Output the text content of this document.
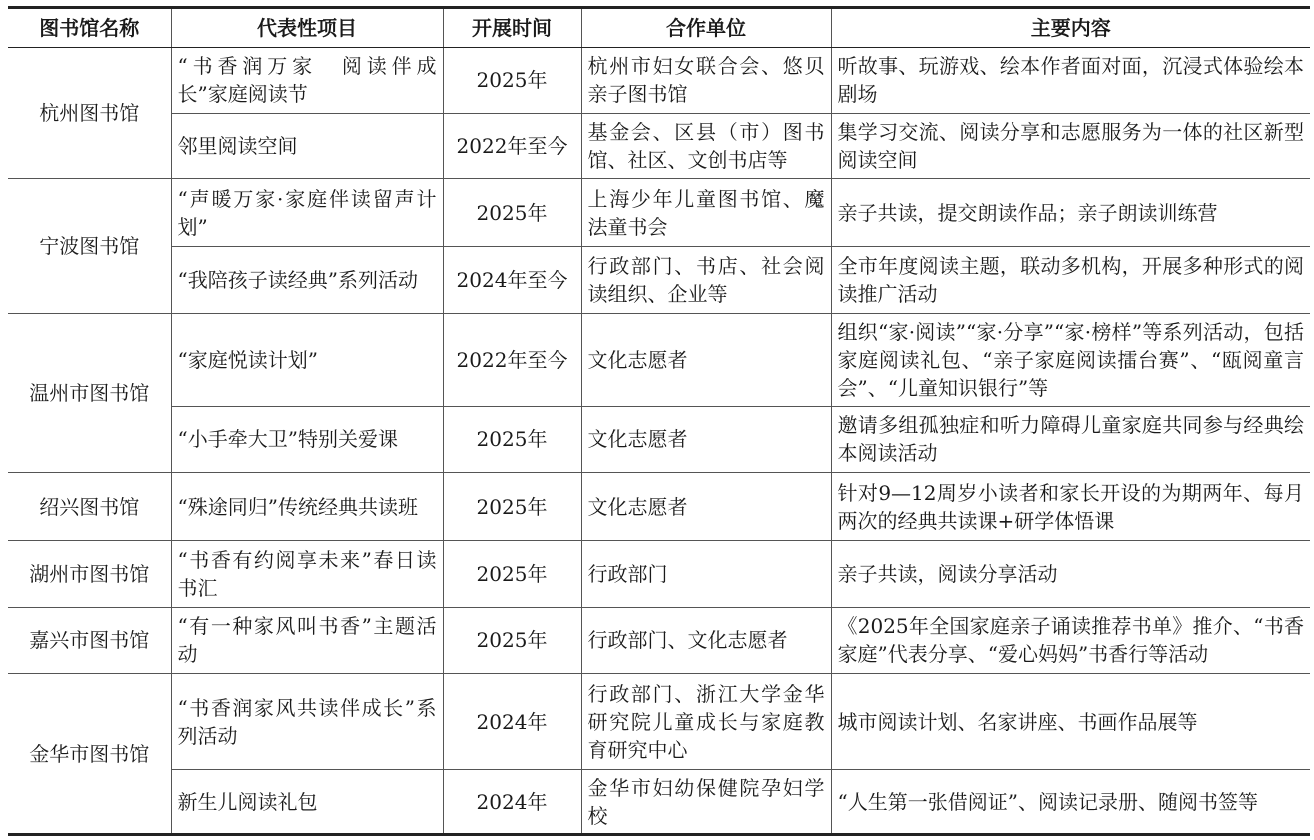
图书馆名称	代表性项目	开展时间	合作单位	主要内容
杭州图书馆	“书香润万家　阅读伴成长”家庭阅读节	2025年	杭州市妇女联合会、悠贝亲子图书馆	听故事、玩游戏、绘本作者面对面，沉浸式体验绘本剧场
	邻里阅读空间	2022年至今	基金会、区县（市）图书馆、社区、文创书店等	集学习交流、阅读分享和志愿服务为一体的社区新型阅读空间
宁波图书馆	“声暖万家·家庭伴读留声计划”	2025年	上海少年儿童图书馆、魔法童书会	亲子共读，提交朗读作品；亲子朗读训练营
	“我陪孩子读经典”系列活动	2024年至今	行政部门、书店、社会阅读组织、企业等	全市年度阅读主题，联动多机构，开展多种形式的阅读推广活动
温州市图书馆	“家庭悦读计划”	2022年至今	文化志愿者	组织“家·阅读”“家·分享”“家·榜样”等系列活动，包括家庭阅读礼包、“亲子家庭阅读擂台赛”、“瓯阅童言会”、“儿童知识银行”等
	“小手牵大卫”特别关爱课	2025年	文化志愿者	邀请多组孤独症和听力障碍儿童家庭共同参与经典绘本阅读活动
绍兴图书馆	“殊途同归”传统经典共读班	2025年	文化志愿者	针对9—12周岁小读者和家长开设的为期两年、每月两次的经典共读课+研学体悟课
湖州市图书馆	“书香有约阅享未来”春日读书汇	2025年	行政部门	亲子共读，阅读分享活动
嘉兴市图书馆	“有一种家风叫书香”主题活动	2025年	行政部门、文化志愿者	《2025年全国家庭亲子诵读推荐书单》推介、“书香家庭”代表分享、“爱心妈妈”书香行等活动
金华市图书馆	“书香润家风共读伴成长”系列活动	2024年	行政部门、浙江大学金华研究院儿童成长与家庭教育研究中心	城市阅读计划、名家讲座、书画作品展等
	新生儿阅读礼包	2024年	金华市妇幼保健院孕妇学校	“人生第一张借阅证”、阅读记录册、随阅书签等
